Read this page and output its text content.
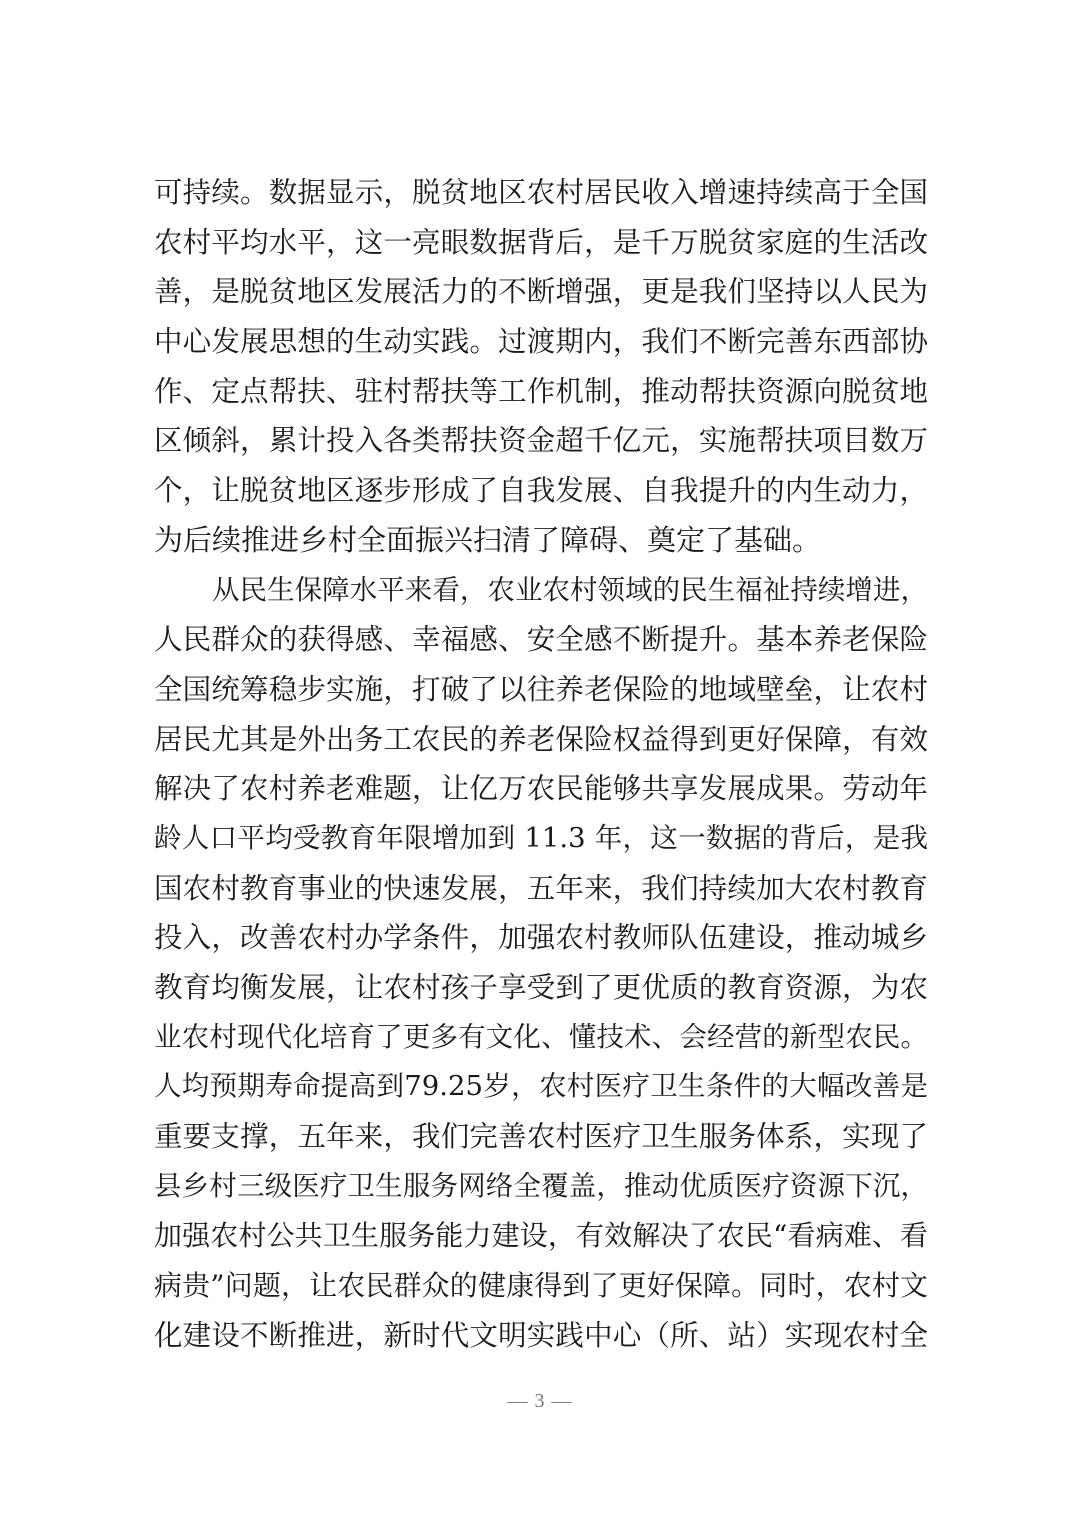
可持续。数据显示，脱贫地区农村居民收入增速持续高于全国
农村平均水平，这一亮眼数据背后，是千万脱贫家庭的生活改
善，是脱贫地区发展活力的不断增强，更是我们坚持以人民为
中心发展思想的生动实践。过渡期内，我们不断完善东西部协
作、定点帮扶、驻村帮扶等工作机制，推动帮扶资源向脱贫地
区倾斜，累计投入各类帮扶资金超千亿元，实施帮扶项目数万
个，让脱贫地区逐步形成了自我发展、自我提升的内生动力，
为后续推进乡村全面振兴扫清了障碍、奠定了基础。
从民生保障水平来看，农业农村领域的民生福祉持续增进，
人民群众的获得感、幸福感、安全感不断提升。基本养老保险
全国统筹稳步实施，打破了以往养老保险的地域壁垒，让农村
居民尤其是外出务工农民的养老保险权益得到更好保障，有效
解决了农村养老难题，让亿万农民能够共享发展成果。劳动年
龄人口平均受教育年限增加到 11.3 年，这一数据的背后，是我
国农村教育事业的快速发展，五年来，我们持续加大农村教育
投入，改善农村办学条件，加强农村教师队伍建设，推动城乡
教育均衡发展，让农村孩子享受到了更优质的教育资源，为农
业农村现代化培育了更多有文化、懂技术、会经营的新型农民。
人均预期寿命提高到79.25岁，农村医疗卫生条件的大幅改善是
重要支撑，五年来，我们完善农村医疗卫生服务体系，实现了
县乡村三级医疗卫生服务网络全覆盖，推动优质医疗资源下沉，
加强农村公共卫生服务能力建设，有效解决了农民“看病难、看
病贵”问题，让农民群众的健康得到了更好保障。同时，农村文
化建设不断推进，新时代文明实践中心（所、站）实现农村全
— 3 —
